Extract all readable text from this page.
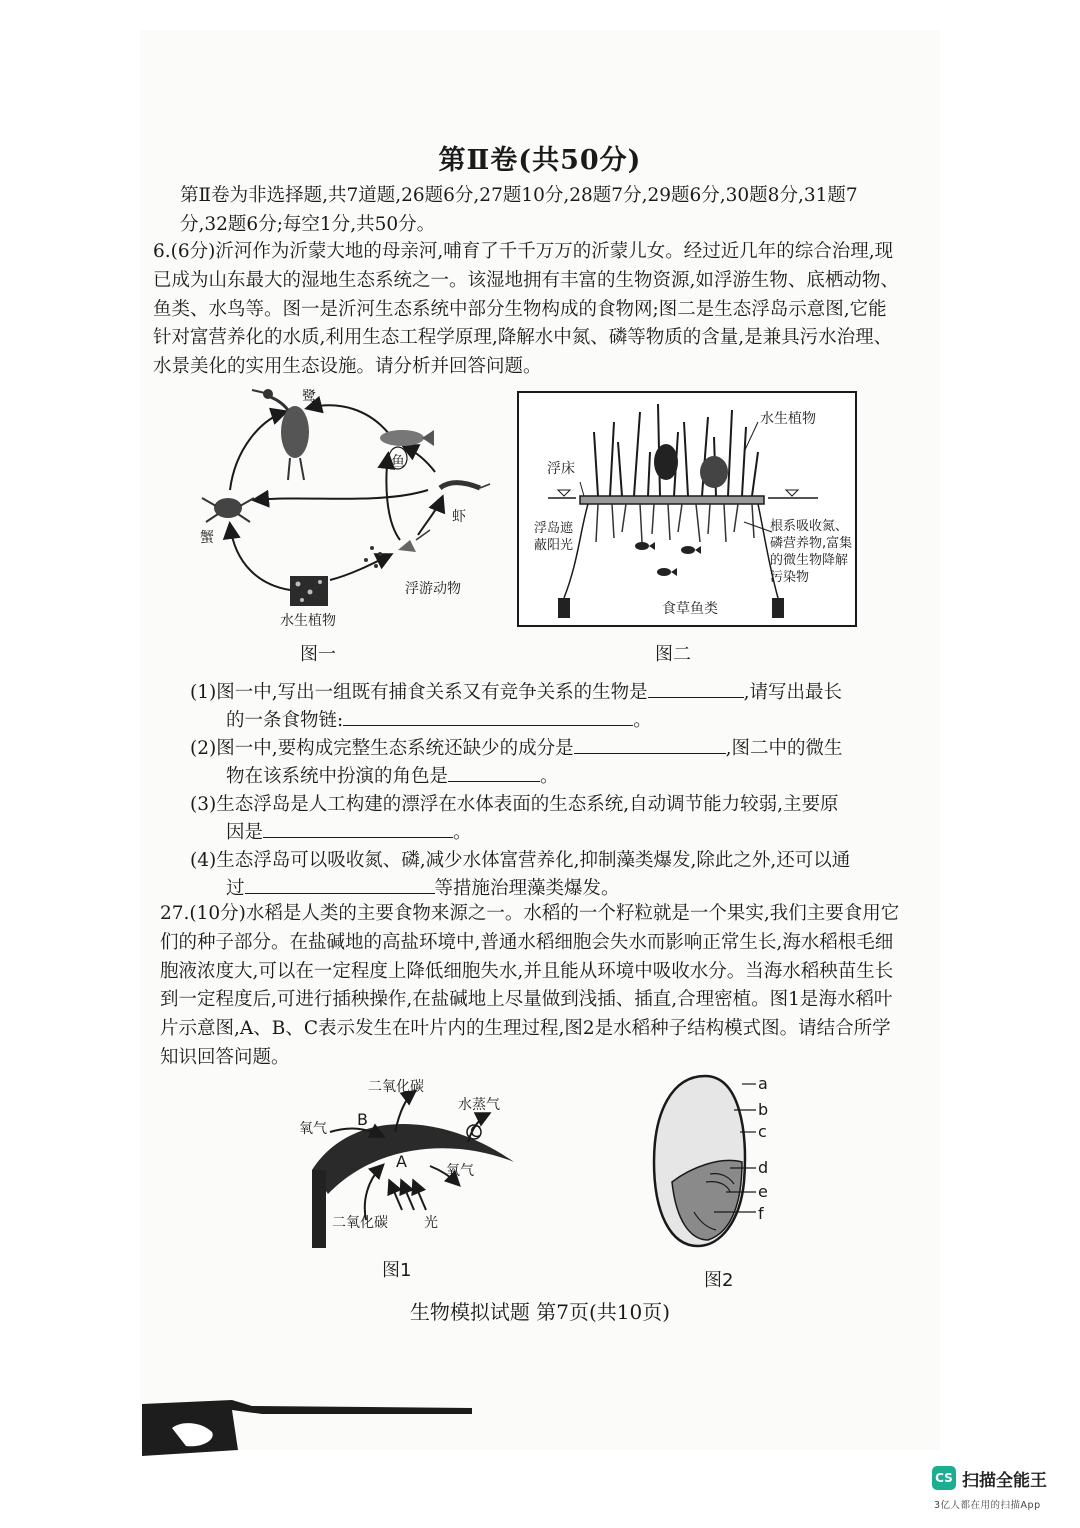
第Ⅱ卷(共50分)

第Ⅱ卷为非选择题,共7道题,26题6分,27题10分,28题7分,29题6分,30题8分,31题7分,32题6分;每空1分,共50分。

6.(6分)沂河作为沂蒙大地的母亲河,哺育了千千万万的沂蒙儿女。经过近几年的综合治理,现已成为山东最大的湿地生态系统之一。该湿地拥有丰富的生物资源,如浮游生物、底栖动物、鱼类、水鸟等。图一是沂河生态系统中部分生物构成的食物网;图二是生态浮岛示意图,它能针对富营养化的水质,利用生态工程学原理,降解水中氮、磷等物质的含量,是兼具污水治理、水景美化的实用生态设施。请分析并回答问题。

鹭
鱼
虾
蟹
浮游动物
水生植物
图一
水生植物
浮床
浮岛遮蔽阳光
根系吸收氮、磷营养物,富集的微生物降解污染物
食草鱼类
图二

(1)图一中,写出一组既有捕食关系又有竞争关系的生物是	,请写出最长

的一条食物链:	。

(2)图一中,要构成完整生态系统还缺少的成分是	,图二中的微生

物在该系统中扮演的角色是	。

(3)生态浮岛是人工构建的漂浮在水体表面的生态系统,自动调节能力较弱,主要原

因是	。

(4)生态浮岛可以吸收氮、磷,减少水体富营养化,抑制藻类爆发,除此之外,还可以通

过	等措施治理藻类爆发。

27.(10分)水稻是人类的主要食物来源之一。水稻的一个籽粒就是一个果实,我们主要食用它们的种子部分。在盐碱地的高盐环境中,普通水稻细胞会失水而影响正常生长,海水稻根毛细胞液浓度大,可以在一定程度上降低细胞失水,并且能从环境中吸收水分。当海水稻秧苗生长到一定程度后,可进行插秧操作,在盐碱地上尽量做到浅插、插直,合理密植。图1是海水稻叶片示意图,A、B、C表示发生在叶片内的生理过程,图2是水稻种子结构模式图。请结合所学知识回答问题。

二氧化碳
水蒸气
氧气 B
C
A	氧气
二氧化碳	光
图1
a
b
c
d
e
f
图2
生物模拟试题 第7页(共10页)
CS 扫描全能王
3亿人都在用的扫描App
